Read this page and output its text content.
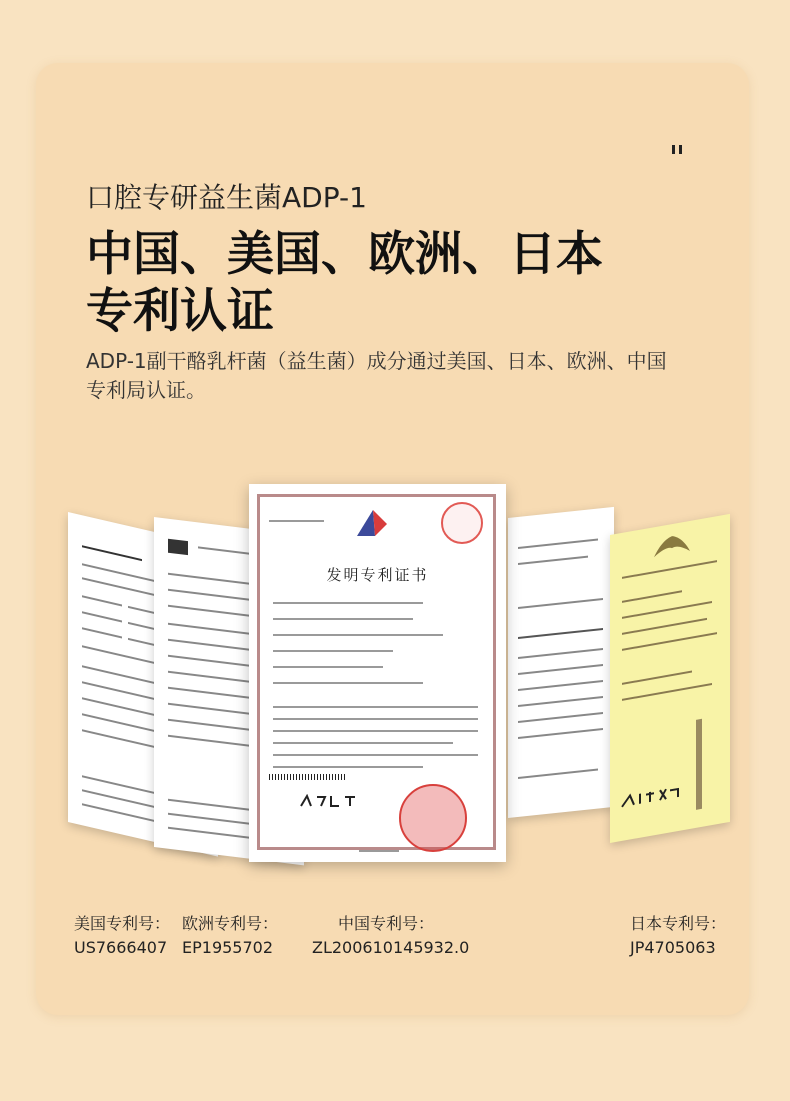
口腔专研益生菌ADP-1
中国、美国、欧洲、日本
专利认证
ADP-1副干酪乳杆菌（益生菌）成分通过美国、日本、欧洲、中国专利局认证。
发明专利证书
美国专利号：
US7666407
欧洲专利号：
EP1955702
中国专利号：
ZL200610145932.0
日本专利号：
JP4705063
